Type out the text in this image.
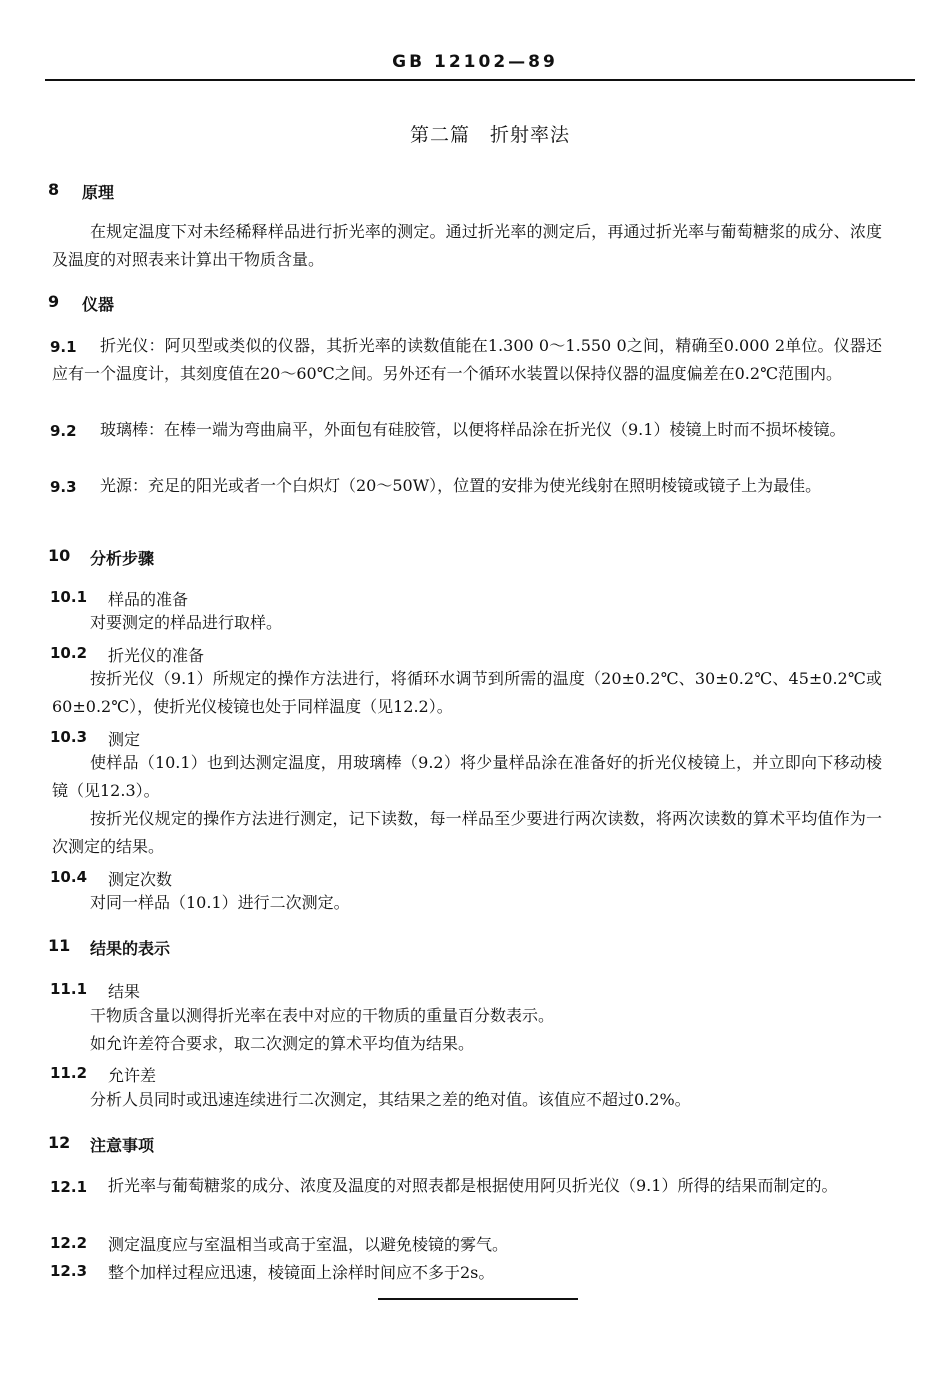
GB 12102—89
第二篇　折射率法
8 原理
在规定温度下对未经稀释样品进行折光率的测定。通过折光率的测定后，再通过折光率与葡萄糖浆的成分、浓度及温度的对照表来计算出干物质含量。
9 仪器
9.1	折光仪：阿贝型或类似的仪器，其折光率的读数值能在1.300 0～1.550 0之间，精确至0.000 2单位。仪器还应有一个温度计，其刻度值在20～60℃之间。另外还有一个循环水装置以保持仪器的温度偏差在0.2℃范围内。
9.2	玻璃棒：在棒一端为弯曲扁平，外面包有硅胶管，以便将样品涂在折光仪（9.1）棱镜上时而不损坏棱镜。
9.3	光源：充足的阳光或者一个白炽灯（20～50W），位置的安排为使光线射在照明棱镜或镜子上为最佳。
10 分析步骤
10.1 样品的准备
对要测定的样品进行取样。
10.2 折光仪的准备
按折光仪（9.1）所规定的操作方法进行，将循环水调节到所需的温度（20±0.2℃、30±0.2℃、45±0.2℃或60±0.2℃），使折光仪棱镜也处于同样温度（见12.2）。
10.3 测定
使样品（10.1）也到达测定温度，用玻璃棒（9.2）将少量样品涂在准备好的折光仪棱镜上，并立即向下移动棱镜（见12.3）。
按折光仪规定的操作方法进行测定，记下读数，每一样品至少要进行两次读数，将两次读数的算术平均值作为一次测定的结果。
10.4 测定次数
对同一样品（10.1）进行二次测定。
11 结果的表示
11.1 结果
干物质含量以测得折光率在表中对应的干物质的重量百分数表示。
如允许差符合要求，取二次测定的算术平均值为结果。
11.2 允许差
分析人员同时或迅速连续进行二次测定，其结果之差的绝对值。该值应不超过0.2%。
12 注意事项
12.1	折光率与葡萄糖浆的成分、浓度及温度的对照表都是根据使用阿贝折光仪（9.1）所得的结果而制定的。
12.2 测定温度应与室温相当或高于室温，以避免棱镜的雾气。
12.3 整个加样过程应迅速，棱镜面上涂样时间应不多于2s。
